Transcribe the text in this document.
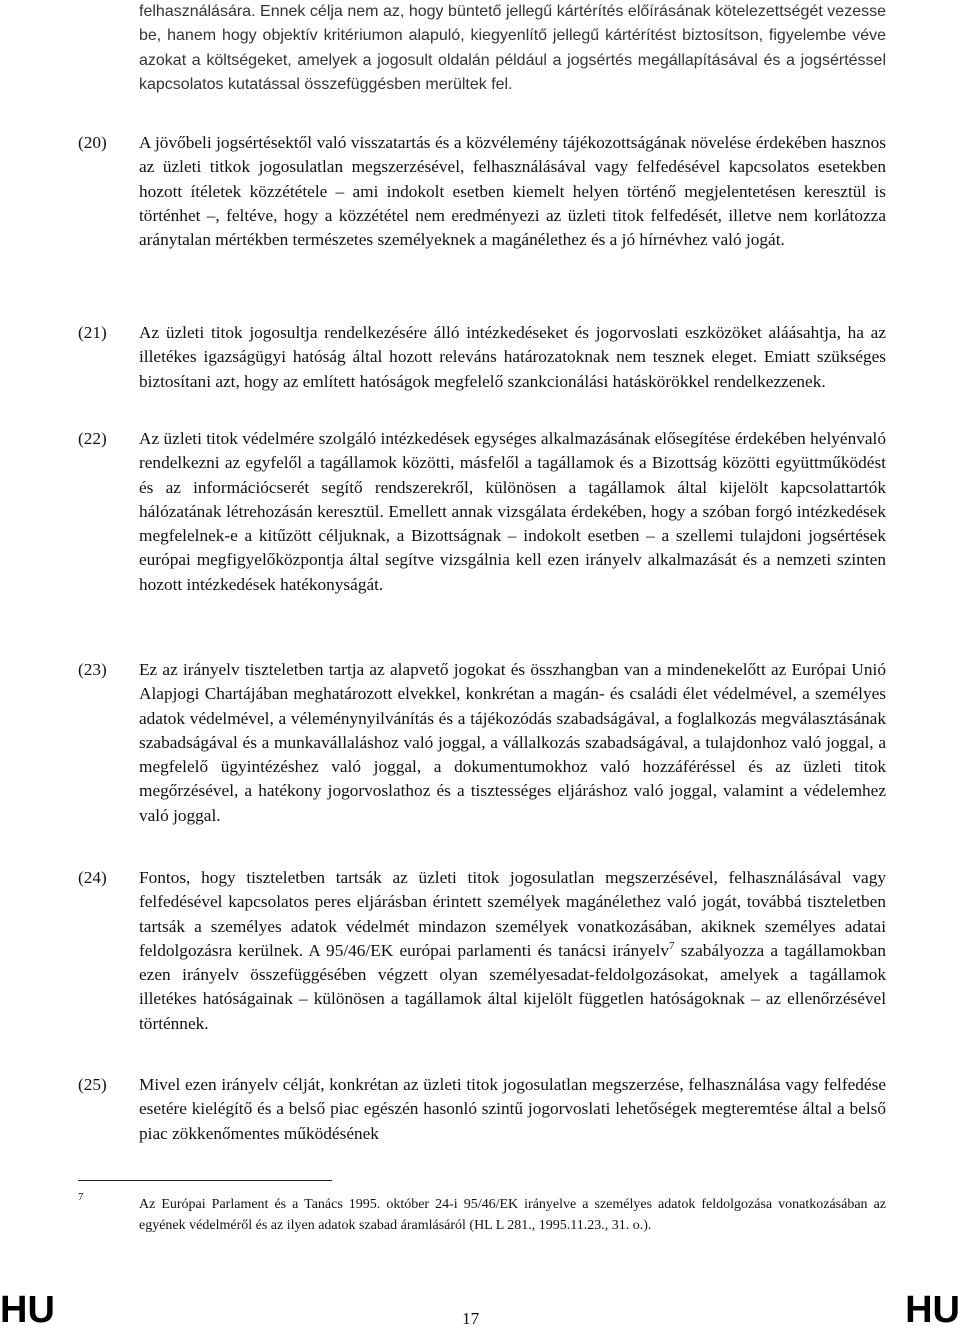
felhasználására. Ennek célja nem az, hogy büntető jellegű kártérítés előírásának kötelezettségét vezesse be, hanem hogy objektív kritériumon alapuló, kiegyenlítő jellegű kártérítést biztosítson, figyelembe véve azokat a költségeket, amelyek a jogosult oldalán például a jogsértés megállapításával és a jogsértéssel kapcsolatos kutatással összefüggésben merültek fel.
(20) A jövőbeli jogsértésektől való visszatartás és a közvélemény tájékozottságának növelése érdekében hasznos az üzleti titkok jogosulatlan megszerzésével, felhasználásával vagy felfedésével kapcsolatos esetekben hozott ítéletek közzététele – ami indokolt esetben kiemelt helyen történő megjelentetésen keresztül is történhet –, feltéve, hogy a közzététel nem eredményezi az üzleti titok felfedését, illetve nem korlátozza aránytalan mértékben természetes személyeknek a magánélethez és a jó hírnévhez való jogát.
(21) Az üzleti titok jogosultja rendelkezésére álló intézkedéseket és jogorvoslati eszközöket aláásahtja, ha az illetékes igazságügyi hatóság által hozott releváns határozatoknak nem tesznek eleget. Emiatt szükséges biztosítani azt, hogy az említett hatóságok megfelelő szankcionálási hatáskörökkel rendelkezzenek.
(22) Az üzleti titok védelmére szolgáló intézkedések egységes alkalmazásának elősegítése érdekében helyénvaló rendelkezni az egyfelől a tagállamok közötti, másfelől a tagállamok és a Bizottság közötti együttműködést és az információcserét segítő rendszerekről, különösen a tagállamok által kijelölt kapcsolattartók hálózatának létrehozásán keresztül. Emellett annak vizsgálata érdekében, hogy a szóban forgó intézkedések megfelelnek-e a kitűzött céljuknak, a Bizottságnak – indokolt esetben – a szellemi tulajdoni jogsértések európai megfigyelőközpontja által segítve vizsgálnia kell ezen irányelv alkalmazását és a nemzeti szinten hozott intézkedések hatékonyságát.
(23) Ez az irányelv tiszteletben tartja az alapvető jogokat és összhangban van a mindenekelőtt az Európai Unió Alapjogi Chartájában meghatározott elvekkel, konkrétan a magán- és családi élet védelmével, a személyes adatok védelmével, a véleménynyilvánítás és a tájékozódás szabadságával, a foglalkozás megválasztásának szabadságával és a munkavállaláshoz való joggal, a vállalkozás szabadságával, a tulajdonhoz való joggal, a megfelelő ügyintézéshez való joggal, a dokumentumokhoz való hozzáféréssel és az üzleti titok megőrzésével, a hatékony jogorvoslathoz és a tisztességes eljáráshoz való joggal, valamint a védelemhez való joggal.
(24) Fontos, hogy tiszteletben tartsák az üzleti titok jogosulatlan megszerzésével, felhasználásával vagy felfedésével kapcsolatos peres eljárásban érintett személyek magánélethez való jogát, továbbá tiszteletben tartsák a személyes adatok védelmét mindazon személyek vonatkozásában, akiknek személyes adatai feldolgozásra kerülnek. A 95/46/EK európai parlamenti és tanácsi irányelv$^7$ szabályozza a tagállamokban ezen irányelv összefüggésében végzett olyan személyesadat-feldolgozásokat, amelyek a tagállamok illetékes hatóságainak – különösen a tagállamok által kijelölt független hatóságoknak – az ellenőrzésével történnek.
(25) Mivel ezen irányelv célját, konkrétan az üzleti titok jogosulatlan megszerzése, felhasználása vagy felfedése esetére kielégítő és a belső piac egészén hasonló szintű jogorvoslati lehetőségek megteremtése által a belső piac zökkenőmentes működésének
7	Az Európai Parlament és a Tanács 1995. október 24-i 95/46/EK irányelve a személyes adatok feldolgozása vonatkozásában az egyének védelméről és az ilyen adatok szabad áramlásáról (HL L 281., 1995.11.23., 31. o.).
HU	17	HU
